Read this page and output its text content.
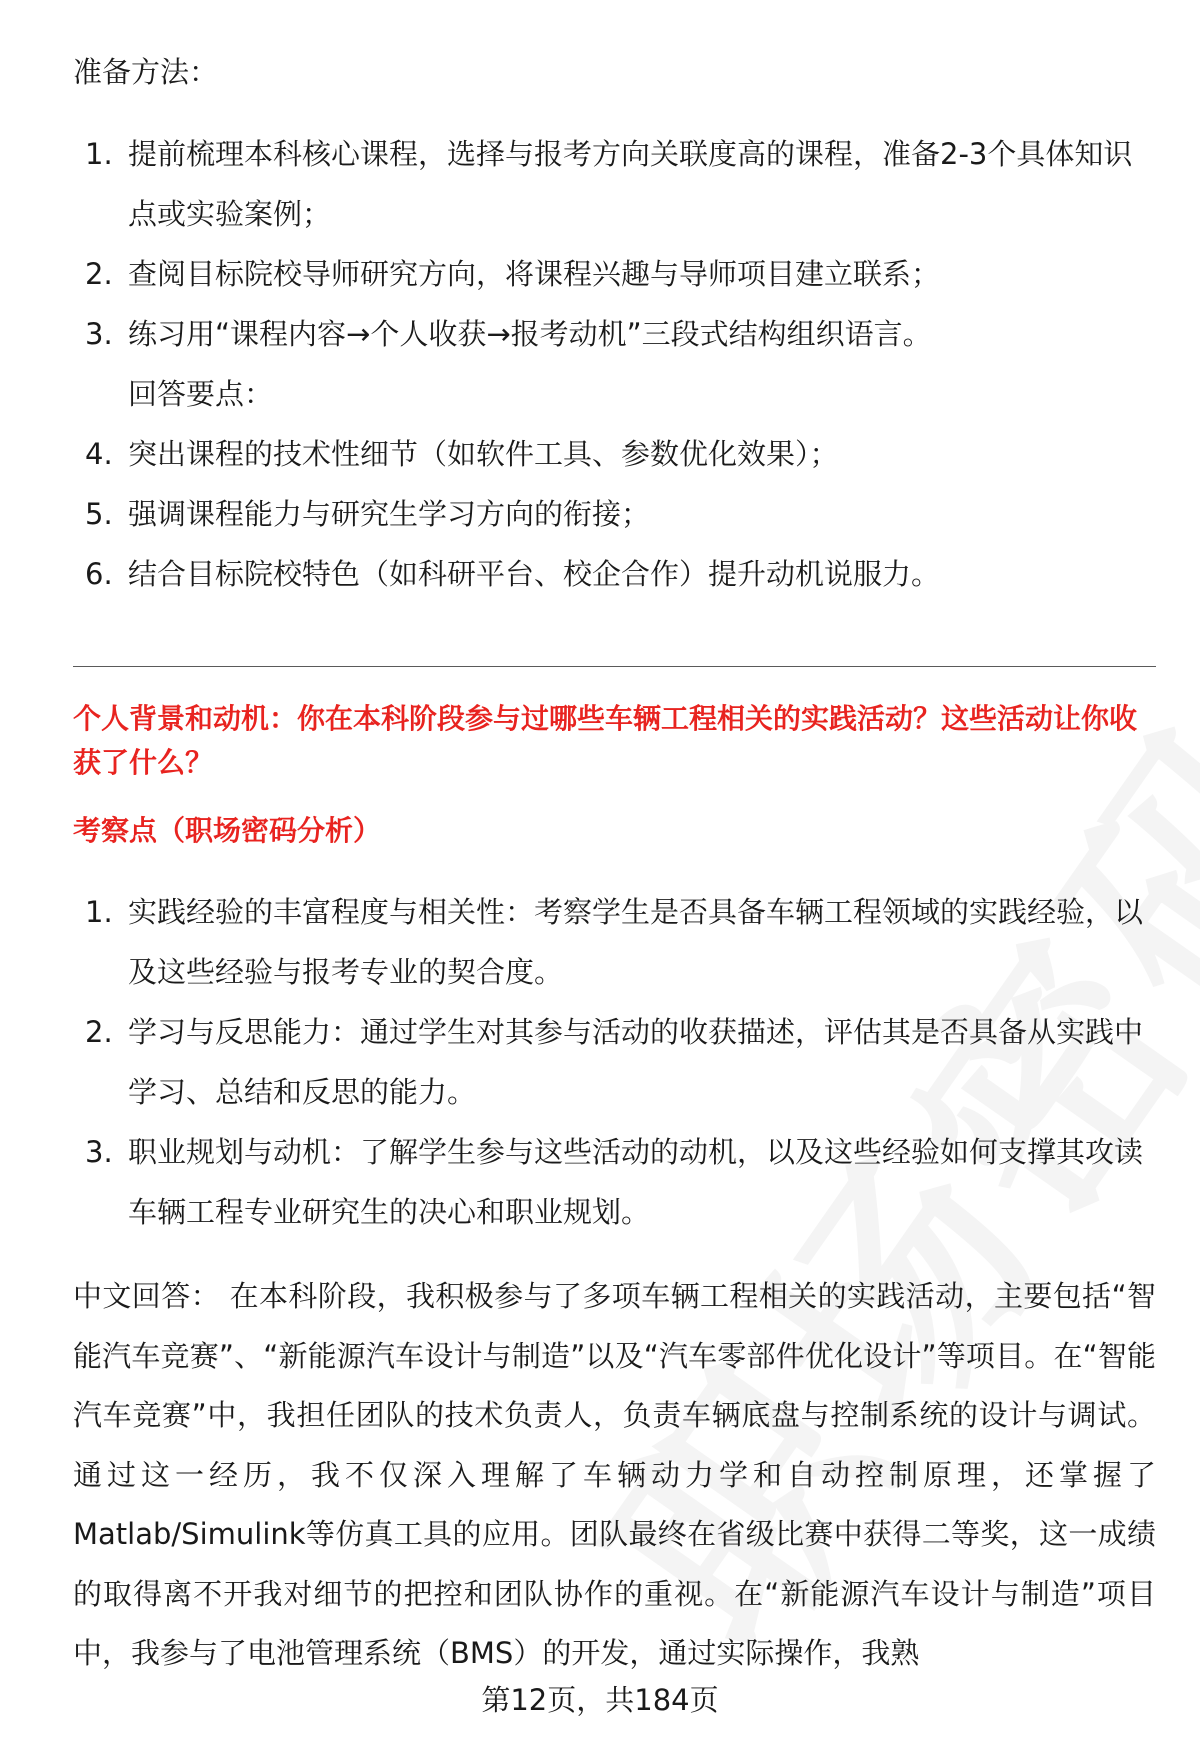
准备方法：
1. 提前梳理本科核心课程，选择与报考方向关联度高的课程，准备2-3个具体知识点或实验案例；
2. 查阅目标院校导师研究方向，将课程兴趣与导师项目建立联系；
3. 练习用“课程内容→个人收获→报考动机”三段式结构组织语言。
回答要点：
4. 突出课程的技术性细节（如软件工具、参数优化效果）；
5. 强调课程能力与研究生学习方向的衔接；
6. 结合目标院校特色（如科研平台、校企合作）提升动机说服力。
个人背景和动机：你在本科阶段参与过哪些车辆工程相关的实践活动？这些活动让你收获了什么？
考察点（职场密码分析）
1. 实践经验的丰富程度与相关性：考察学生是否具备车辆工程领域的实践经验，以及这些经验与报考专业的契合度。
2. 学习与反思能力：通过学生对其参与活动的收获描述，评估其是否具备从实践中学习、总结和反思的能力。
3. 职业规划与动机：了解学生参与这些活动的动机，以及这些经验如何支撑其攻读车辆工程专业研究生的决心和职业规划。
中文回答： 在本科阶段，我积极参与了多项车辆工程相关的实践活动，主要包括“智能汽车竞赛”、“新能源汽车设计与制造”以及“汽车零部件优化设计”等项目。在“智能汽车竞赛”中，我担任团队的技术负责人，负责车辆底盘与控制系统的设计与调试。通过这一经历，我不仅深入理解了车辆动力学和自动控制原理，还掌握了Matlab/Simulink等仿真工具的应用。团队最终在省级比赛中获得二等奖，这一成绩的取得离不开我对细节的把控和团队协作的重视。在“新能源汽车设计与制造”项目中，我参与了电池管理系统（BMS）的开发，通过实际操作，我熟
第12页，共184页
